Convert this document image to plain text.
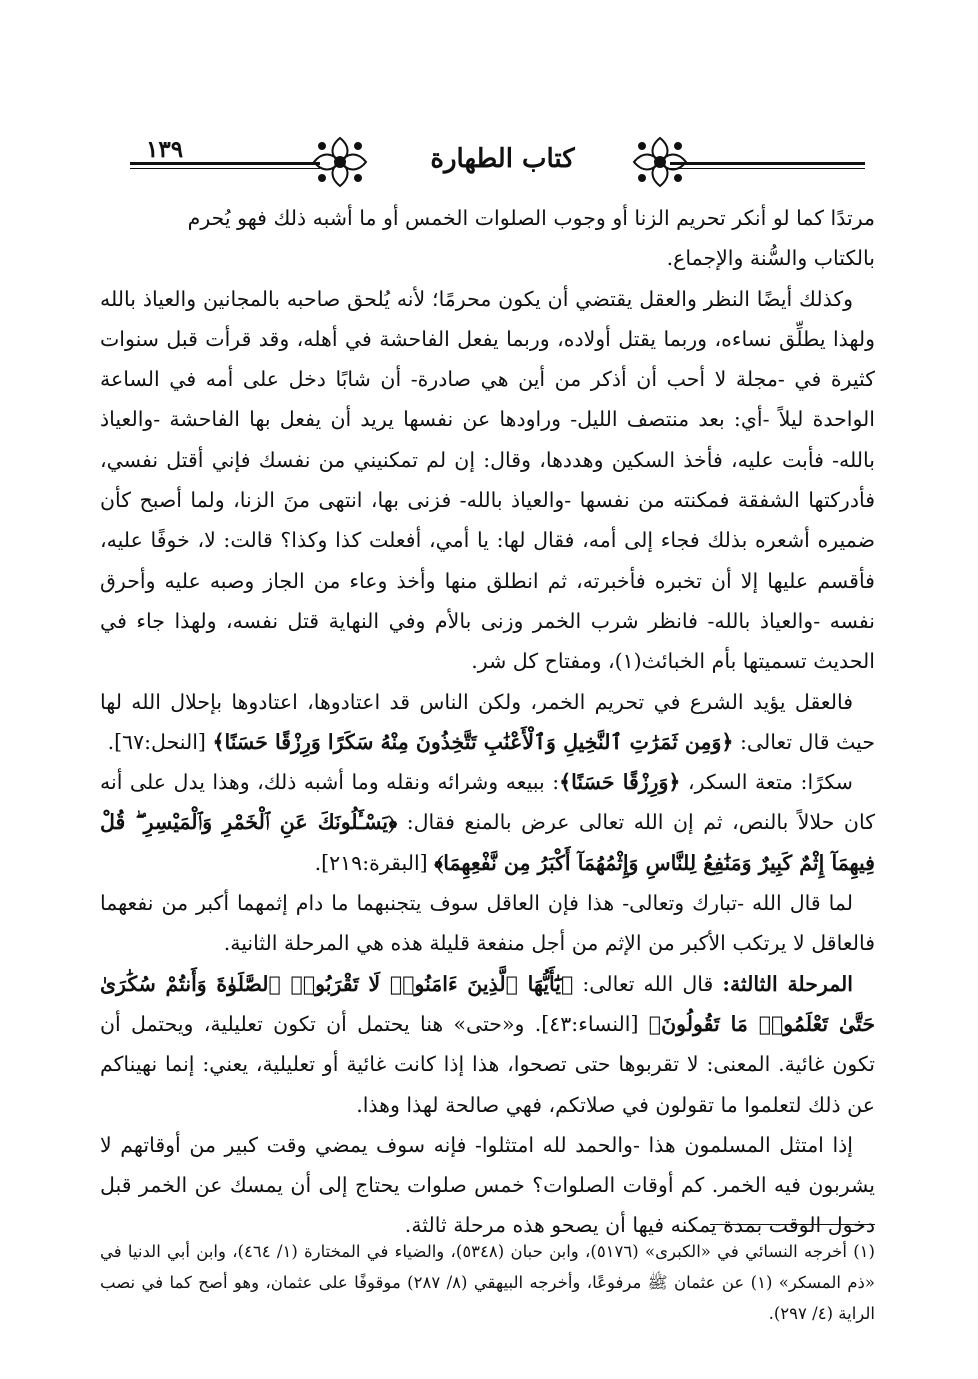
١٣٩	كتاب الطهارة

مرتدًا كما لو أنكر تحريم الزنا أو وجوب الصلوات الخمس أو ما أشبه ذلك فهو يُحرم
بالكتاب والسُّنة والإجماع.

وكذلك أيضًا النظر والعقل يقتضي أن يكون محرمًا؛ لأنه يُلحق صاحبه بالمجانين والعياذ بالله ولهذا يطلِّق نساءه، وربما يقتل أولاده، وربما يفعل الفاحشة في أهله، وقد قرأت قبل سنوات كثيرة في -مجلة لا أحب أن أذكر من أين هي صادرة- أن شابًا دخل على أمه في الساعة الواحدة ليلاً -أي: بعد منتصف الليل- وراودها عن نفسها يريد أن يفعل بها الفاحشة -والعياذ بالله- فأبت عليه، فأخذ السكين وهددها، وقال: إن لم تمكنيني من نفسك فإني أقتل نفسي، فأدركتها الشفقة فمكنته من نفسها -والعياذ بالله- فزنى بها، انتهى منَ الزنا، ولما أصبح كأن ضميره أشعره بذلك فجاء إلى أمه، فقال لها: يا أمي، أفعلت كذا وكذا؟ قالت: لا، خوفًا عليه، فأقسم عليها إلا أن تخبره فأخبرته، ثم انطلق منها وأخذ وعاء من الجاز وصبه عليه وأحرق نفسه -والعياذ بالله- فانظر شرب الخمر وزنى بالأم وفي النهاية قتل نفسه، ولهذا جاء في الحديث تسميتها بأم الخبائث(١)، ومفتاح كل شر.

فالعقل يؤيد الشرع في تحريم الخمر، ولكن الناس قد اعتادوها، اعتادوها بإحلال الله لها حيث قال تعالى: ﴿وَمِن ثَمَرَٰتِ ٱلنَّخِيلِ وَٱلْأَعْنَٰبِ تَتَّخِذُونَ مِنْهُ سَكَرًا وَرِزْقًا حَسَنًا﴾ [النحل:٦٧].

سكرًا: متعة السكر، ﴿وَرِزْقًا حَسَنًا﴾: ببيعه وشرائه ونقله وما أشبه ذلك، وهذا يدل على أنه كان حلالاً بالنص، ثم إن الله تعالى عرض بالمنع فقال: ﴿يَسْـَٔلُونَكَ عَنِ ٱلْخَمْرِ وَٱلْمَيْسِرِ ۖ قُلْ فِيهِمَآ إِثْمٌ كَبِيرٌ وَمَنَٰفِعُ لِلنَّاسِ وَإِثْمُهُمَآ أَكْبَرُ مِن نَّفْعِهِمَا﴾ [البقرة:٢١٩].

لما قال الله -تبارك وتعالى- هذا فإن العاقل سوف يتجنبهما ما دام إثمهما أكبر من نفعهما فالعاقل لا يرتكب الأكبر من الإثم من أجل منفعة قليلة هذه هي المرحلة الثانية.

المرحلة الثالثة: قال الله تعالى: ﴿يَٰٓأَيُّهَا ٱلَّذِينَ ءَامَنُوا۟ لَا تَقْرَبُوا۟ ٱلصَّلَوٰةَ وَأَنتُمْ سُكَٰرَىٰ حَتَّىٰ تَعْلَمُوا۟ مَا تَقُولُونَ﴾ [النساء:٤٣]. و«حتى» هنا يحتمل أن تكون تعليلية، ويحتمل أن تكون غائية. المعنى: لا تقربوها حتى تصحوا، هذا إذا كانت غائية أو تعليلية، يعني: إنما نهيناكم عن ذلك لتعلموا ما تقولون في صلاتكم، فهي صالحة لهذا وهذا.

إذا امتثل المسلمون هذا -والحمد لله امتثلوا- فإنه سوف يمضي وقت كبير من أوقاتهم لا يشربون فيه الخمر. كم أوقات الصلوات؟ خمس صلوات يحتاج إلى أن يمسك عن الخمر قبل دخول الوقت بمدة يمكنه فيها أن يصحو هذه مرحلة ثالثة.

(١) أخرجه النسائي في «الكبرى» (٥١٧٦)، وابن حبان (٥٣٤٨)، والضياء في المختارة (١/ ٤٦٤)، وابن أبي الدنيا في «ذم المسكر» (١) عن عثمان ﷺ مرفوعًا، وأخرجه البيهقي (٨/ ٢٨٧) موقوفًا على عثمان، وهو أصح كما في نصب الراية (٤/ ٢٩٧).
